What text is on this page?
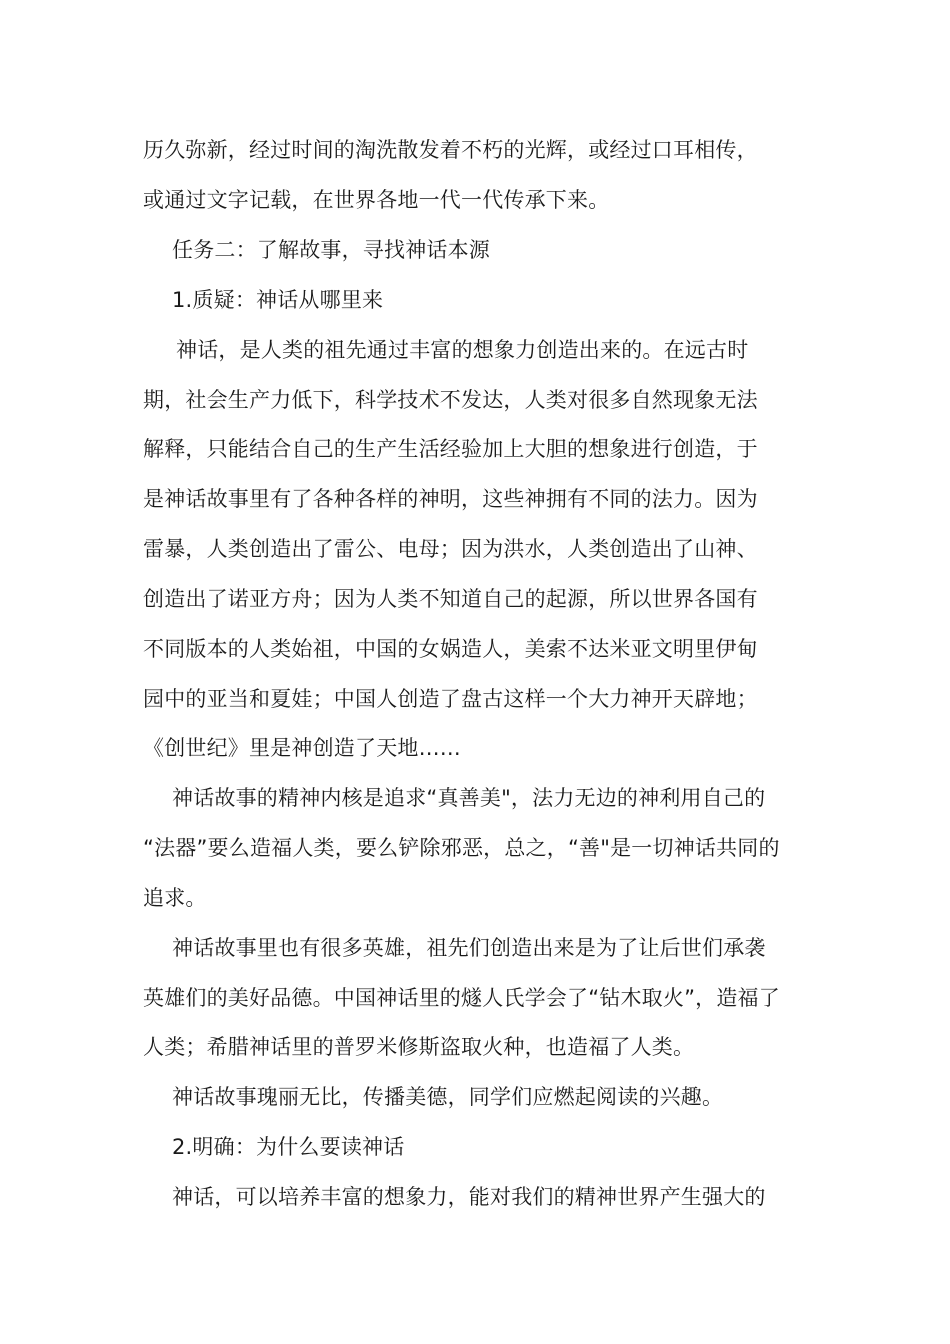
历久弥新，经过时间的淘洗散发着不朽的光辉，或经过口耳相传，
或通过文字记载，在世界各地一代一代传承下来。
任务二：了解故事，寻找神话本源
1.质疑：神话从哪里来
神话，是人类的祖先通过丰富的想象力创造出来的。在远古时
期，社会生产力低下，科学技术不发达，人类对很多自然现象无法
解释，只能结合自己的生产生活经验加上大胆的想象进行创造，于
是神话故事里有了各种各样的神明，这些神拥有不同的法力。因为
雷暴，人类创造出了雷公、电母；因为洪水，人类创造出了山神、
创造出了诺亚方舟；因为人类不知道自己的起源，所以世界各国有
不同版本的人类始祖，中国的女娲造人，美索不达米亚文明里伊甸
园中的亚当和夏娃；中国人创造了盘古这样一个大力神开天辟地；
《创世纪》里是神创造了天地……
神话故事的精神内核是追求“真善美"，法力无边的神利用自己的
“法器”要么造福人类，要么铲除邪恶，总之，“善"是一切神话共同的
追求。
神话故事里也有很多英雄，祖先们创造出来是为了让后世们承袭
英雄们的美好品德。中国神话里的燧人氏学会了“钻木取火”，造福了
人类；希腊神话里的普罗米修斯盗取火种，也造福了人类。
神话故事瑰丽无比，传播美德，同学们应燃起阅读的兴趣。
2.明确：为什么要读神话
神话，可以培养丰富的想象力，能对我们的精神世界产生强大的
